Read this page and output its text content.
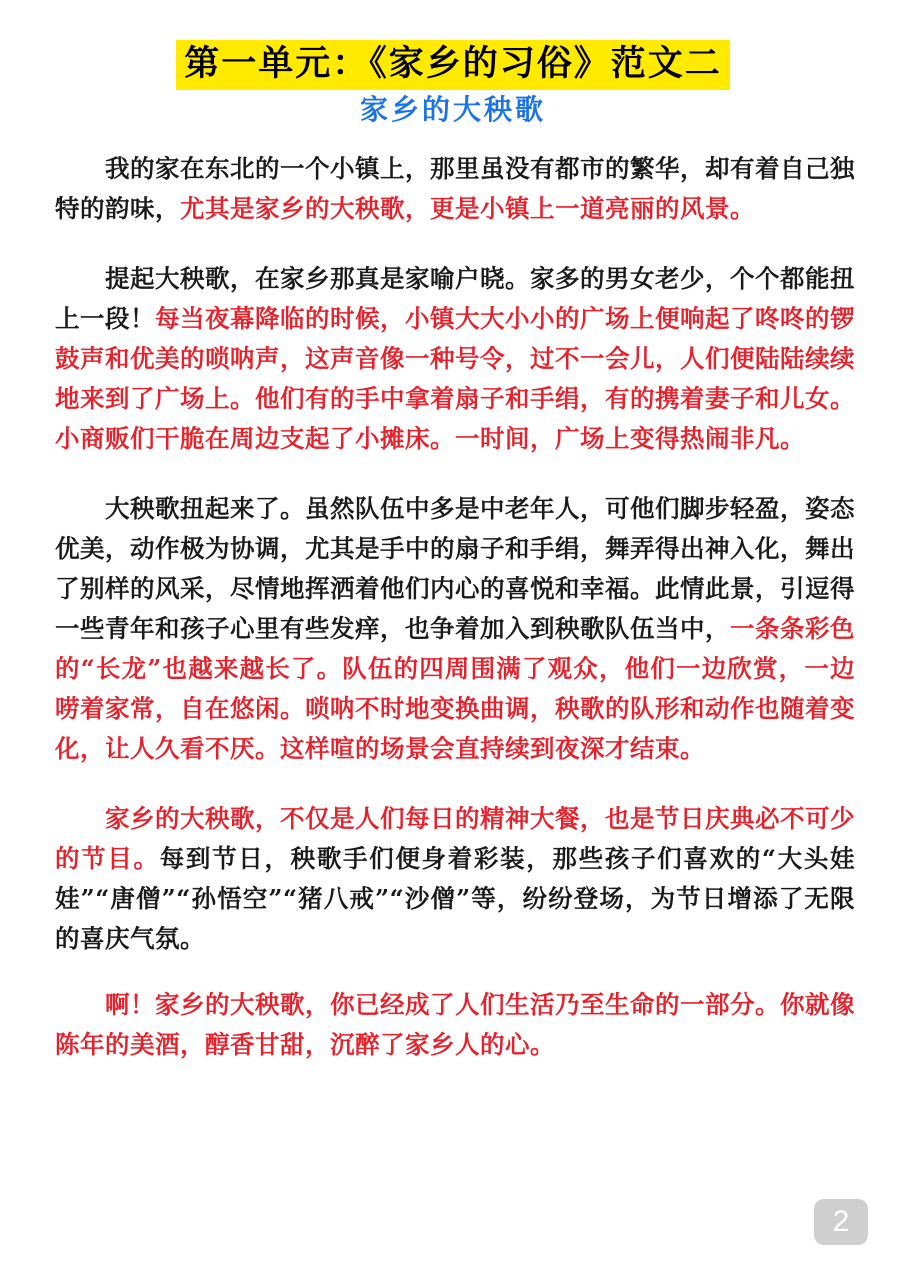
第一单元：《家乡的习俗》范文二
家乡的大秧歌

我的家在东北的一个小镇上，那里虽没有都市的繁华，却有着自己独特的韵味，尤其是家乡的大秧歌，更是小镇上一道亮丽的风景。

提起大秧歌，在家乡那真是家喻户晓。家多的男女老少，个个都能扭上一段！每当夜幕降临的时候，小镇大大小小的广场上便响起了咚咚的锣鼓声和优美的唢呐声，这声音像一种号令，过不一会儿，人们便陆陆续续地来到了广场上。他们有的手中拿着扇子和手绢，有的携着妻子和儿女。小商贩们干脆在周边支起了小摊床。一时间，广场上变得热闹非凡。

大秧歌扭起来了。虽然队伍中多是中老年人，可他们脚步轻盈，姿态优美，动作极为协调，尤其是手中的扇子和手绢，舞弄得出神入化，舞出了别样的风采，尽情地挥洒着他们内心的喜悦和幸福。此情此景，引逗得一些青年和孩子心里有些发痒，也争着加入到秧歌队伍当中，一条条彩色的“长龙”也越来越长了。队伍的四周围满了观众，他们一边欣赏，一边唠着家常，自在悠闲。唢呐不时地变换曲调，秧歌的队形和动作也随着变化，让人久看不厌。这样喧的场景会直持续到夜深才结束。

家乡的大秧歌，不仅是人们每日的精神大餐，也是节日庆典必不可少的节目。每到节日，秧歌手们便身着彩装，那些孩子们喜欢的“大头娃娃”“唐僧”“孙悟空”“猪八戒”“沙僧”等，纷纷登场，为节日增添了无限的喜庆气氛。

啊！家乡的大秧歌，你已经成了人们生活乃至生命的一部分。你就像陈年的美酒，醇香甘甜，沉醉了家乡人的心。

2
